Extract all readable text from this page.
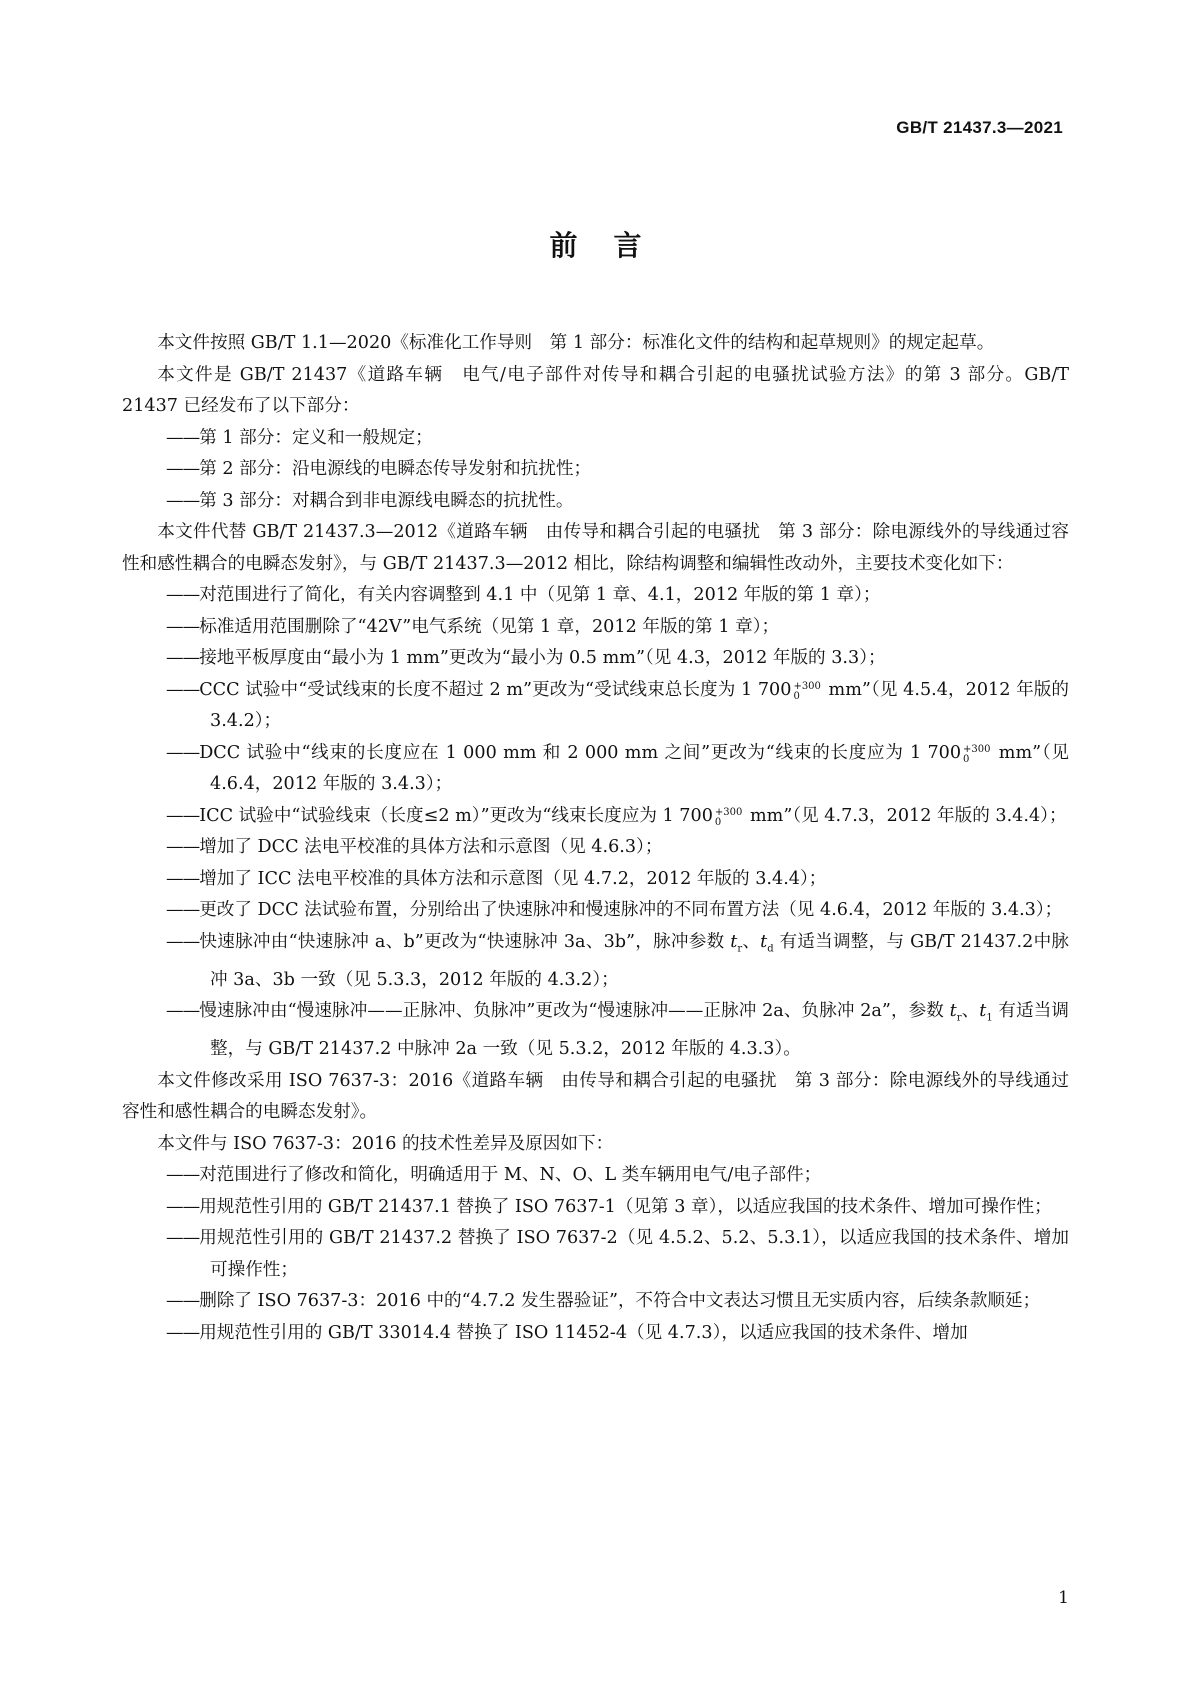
GB/T 21437.3—2021
前言

本文件按照 GB/T 1.1—2020《标准化工作导则　第 1 部分：标准化文件的结构和起草规则》的规定起草。

本文件是 GB/T 21437《道路车辆　电气/电子部件对传导和耦合引起的电骚扰试验方法》的第 3 部分。GB/T 21437 已经发布了以下部分：

——第 1 部分：定义和一般规定；

——第 2 部分：沿电源线的电瞬态传导发射和抗扰性；

——第 3 部分：对耦合到非电源线电瞬态的抗扰性。

本文件代替 GB/T 21437.3—2012《道路车辆　由传导和耦合引起的电骚扰　第 3 部分：除电源线外的导线通过容性和感性耦合的电瞬态发射》，与 GB/T 21437.3—2012 相比，除结构调整和编辑性改动外，主要技术变化如下：

——对范围进行了简化，有关内容调整到 4.1 中（见第 1 章、4.1，2012 年版的第 1 章）；

——标准适用范围删除了“42V”电气系统（见第 1 章，2012 年版的第 1 章）；

——接地平板厚度由“最小为 1 mm”更改为“最小为 0.5 mm”（见 4.3，2012 年版的 3.3）；

——CCC 试验中“受试线束的长度不超过 2 m”更改为“受试线束总长度为 1 700 $^{+300 0}$	mm”（见 4.5.4，2012 年版的 3.4.2）；

——DCC 试验中“线束的长度应在 1 000 mm 和 2 000 mm 之间”更改为“线束的长度应为 1 700 $^{+300 0}$	mm”（见 4.6.4，2012 年版的 3.4.3）；

——ICC 试验中“试验线束（长度≤2 m）”更改为“线束长度应为 1 700 $^{+300 0}$	mm”（见 4.7.3，2012 年版的 3.4.4）；

——增加了 DCC 法电平校准的具体方法和示意图（见 4.6.3）；

——增加了 ICC 法电平校准的具体方法和示意图（见 4.7.2，2012 年版的 3.4.4）；

——更改了 DCC 法试验布置，分别给出了快速脉冲和慢速脉冲的不同布置方法（见 4.6.4，2012 年版的 3.4.3）；

——快速脉冲由“快速脉冲 a、b”更改为“快速脉冲 3a、3b”，脉冲参数 $t_r$、$t_d$ 有适当调整，与 GB/T 21437.2中脉冲 3a、3b 一致（见 5.3.3，2012 年版的 4.3.2）；

——慢速脉冲由“慢速脉冲——正脉冲、负脉冲”更改为“慢速脉冲——正脉冲 2a、负脉冲 2a”，参数 $t_r$、$t_1$ 有适当调整，与 GB/T 21437.2 中脉冲 2a 一致（见 5.3.2，2012 年版的 4.3.3）。

本文件修改采用 ISO 7637-3：2016《道路车辆　由传导和耦合引起的电骚扰　第 3 部分：除电源线外的导线通过容性和感性耦合的电瞬态发射》。

本文件与 ISO 7637-3：2016 的技术性差异及原因如下：

——对范围进行了修改和简化，明确适用于 M、N、O、L 类车辆用电气/电子部件；

——用规范性引用的 GB/T 21437.1 替换了 ISO 7637-1（见第 3 章），以适应我国的技术条件、增加可操作性；

——用规范性引用的 GB/T 21437.2 替换了 ISO 7637-2（见 4.5.2、5.2、5.3.1），以适应我国的技术条件、增加可操作性；

——删除了 ISO 7637-3：2016 中的“4.7.2 发生器验证”，不符合中文表达习惯且无实质内容，后续条款顺延；

——用规范性引用的 GB/T 33014.4 替换了 ISO 11452-4（见 4.7.3），以适应我国的技术条件、增加

1
